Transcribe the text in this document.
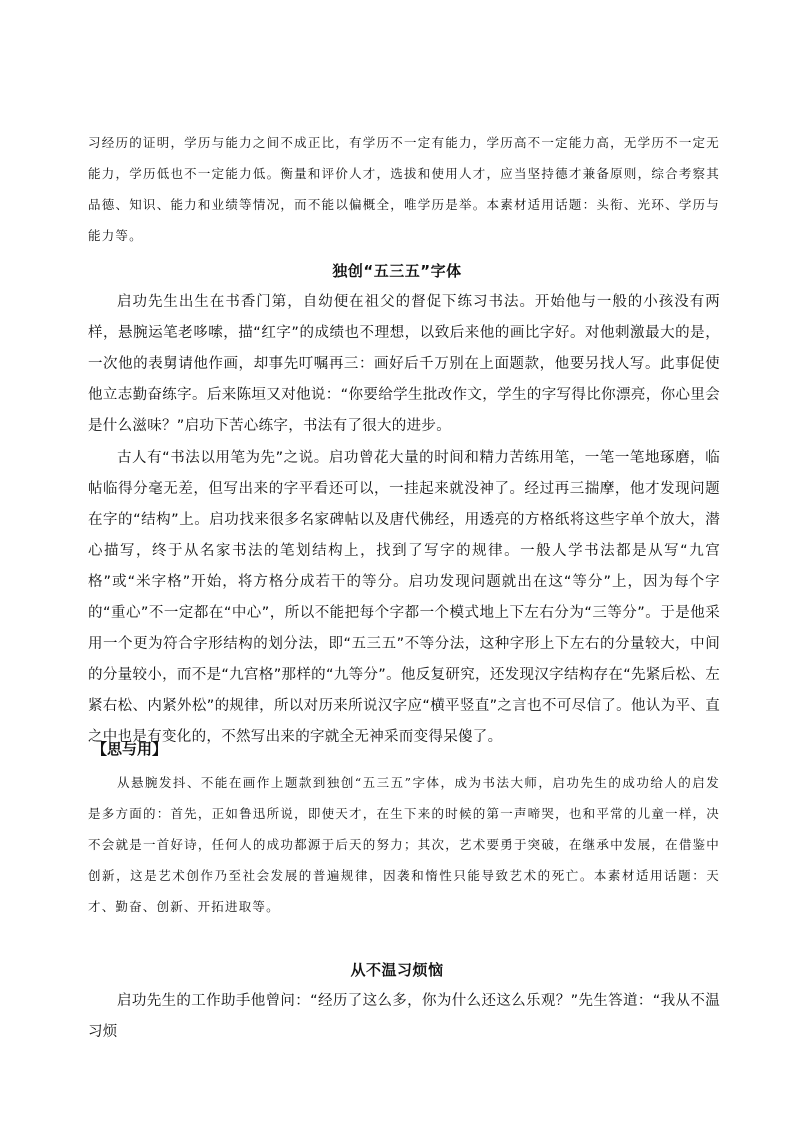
习经历的证明，学历与能力之间不成正比，有学历不一定有能力，学历高不一定能力高，无学历不一定无能力，学历低也不一定能力低。衡量和评价人才，选拔和使用人才，应当坚持德才兼备原则，综合考察其品德、知识、能力和业绩等情况，而不能以偏概全，唯学历是举。本素材适用话题：头衔、光环、学历与能力等。

独创“五三五”字体
启功先生出生在书香门第，自幼便在祖父的督促下练习书法。开始他与一般的小孩没有两样，悬腕运笔老哆嗦，描“红字”的成绩也不理想，以致后来他的画比字好。对他刺激最大的是，一次他的表舅请他作画，却事先叮嘱再三：画好后千万别在上面题款，他要另找人写。此事促使他立志勤奋练字。后来陈垣又对他说：“你要给学生批改作文，学生的字写得比你漂亮，你心里会是什么滋味？”启功下苦心练字，书法有了很大的进步。
古人有“书法以用笔为先”之说。启功曾花大量的时间和精力苦练用笔，一笔一笔地琢磨，临帖临得分毫无差，但写出来的字平看还可以，一挂起来就没神了。经过再三揣摩，他才发现问题在字的“结构”上。启功找来很多名家碑帖以及唐代佛经，用透亮的方格纸将这些字单个放大，潜心描写，终于从名家书法的笔划结构上，找到了写字的规律。一般人学书法都是从写“九宫格”或“米字格”开始，将方格分成若干的等分。启功发现问题就出在这“等分”上，因为每个字的“重心”不一定都在“中心”，所以不能把每个字都一个模式地上下左右分为“三等分”。于是他采用一个更为符合字形结构的划分法，即“五三五”不等分法，这种字形上下左右的分量较大，中间的分量较小，而不是“九宫格”那样的“九等分”。他反复研究，还发现汉字结构存在“先紧后松、左紧右松、内紧外松”的规律，所以对历来所说汉字应“横平竖直”之言也不可尽信了。他认为平、直之中也是有变化的，不然写出来的字就全无神采而变得呆傻了。
【思与用】
从悬腕发抖、不能在画作上题款到独创“五三五”字体，成为书法大师，启功先生的成功给人的启发是多方面的：首先，正如鲁迅所说，即使天才，在生下来的时候的第一声啼哭，也和平常的儿童一样，决不会就是一首好诗，任何人的成功都源于后天的努力；其次，艺术要勇于突破，在继承中发展，在借鉴中创新，这是艺术创作乃至社会发展的普遍规律，因袭和惰性只能导致艺术的死亡。本素材适用话题：天才、勤奋、创新、开拓进取等。
从不温习烦恼
启功先生的工作助手他曾问：“经历了这么多，你为什么还这么乐观？”先生答道：“我从不温习烦
